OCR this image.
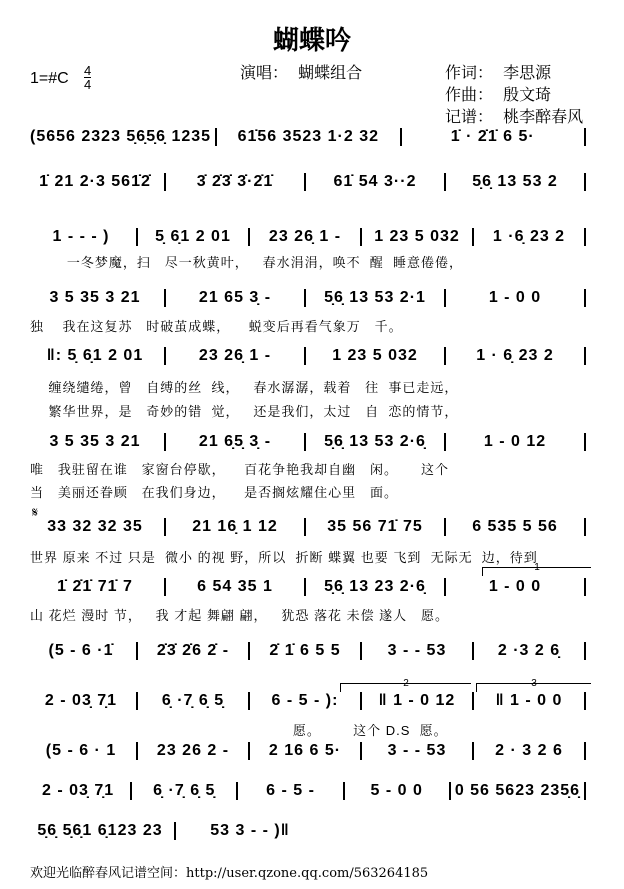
蝴蝶吟
演唱：  蝴蝶组合	作词：  李思源
作曲：  殷文琦
记谱：  桃李醉春风
1=#C $\frac{4}{4}$
(5656 2323 5̣6̣5̣6̣ 1235	61̇56 3523 1·2 32	1̇ · 2̇1̇ 6 5·
1̇ 21 2·3 561̇2̇	3̇ 2̇3̇ 3̇·2̇1̇	61̇ 54 3··2	5̣6̣ 13 53 2
1 - - - )	5̣ 6̣1 2 01	23 26̣ 1 -	1 23 5 032	1 ·6̣ 23 2
3 5 35 3 21	21 65 3̣ -	5̣6̣ 13 53 2·1	1 - 0 0
‖: 5̣ 6̣1 2 01	23 26̣ 1 -	1 23 5 032	1 · 6̣ 23 2
3 5 35 3 21	21 6̣5̣ 3̣ -	5̣6̣ 13 53 2·6̣	1 - 0 12
33 32 32 35	21 16̣ 1 12	35 56 71̇ 75	6 535 5 56
1̇ 2̇1̇ 71̇ 7	6 54 35 1	5̣6̣ 13 23 2·6̣	1 - 0 0
(5 - 6 ·1̇	2̇3̇ 2̇6 2̇ -	2̇ 1̇ 6 5 5	3 - - 53	2 ·3 2 6̣
2 - 03̣ 7̣1	6̣ ·7̣ 6̣ 5̣	6 - 5 - ):	‖ 1 - 0 12	‖ 1 - 0 0
(5 - 6 · 1	23 26 2 -	2 16 6 5·	3 - - 53	2 · 3 2 6
2 - 03̣ 7̣1	6̣ ·7̣ 6̣ 5̣	6 - 5 -	5 - 0 0	0 56 5623 235̣6̣
5̣6̣ 5̣6̣1 6̣123 23	53 3 - - )‖
一冬梦魔，扫   尽一秋黄叶，   春水涓涓，唤不  醒  睡意倦倦，
独    我在这复苏   时破茧成蝶，    蜕变后再看气象万   千。
缠绕缱绻，曾   自缚的丝  线，   春水潺潺，载着   往  事已走远，
繁华世界，是   奇妙的错  觉，   还是我们，太过   自  恋的情节，
唯   我驻留在谁   家窗台停歇，    百花争艳我却自幽   闲。     这个
当   美丽还眷顾   在我们身边，    是否搁炫耀住心里   面。
世界 原来 不过 只是  微小 的视 野，所以  折断 蝶翼 也要 飞到  无际无  边，待到
山 花烂 漫时 节，   我 才起 舞翩 翩，   犹恐 落花 未偿 遂人   愿。
愿。       这个 D.S  愿。
𝄋
1
2	3
欢迎光临醉春风记谱空间：http://user.qzone.qq.com/563264185
